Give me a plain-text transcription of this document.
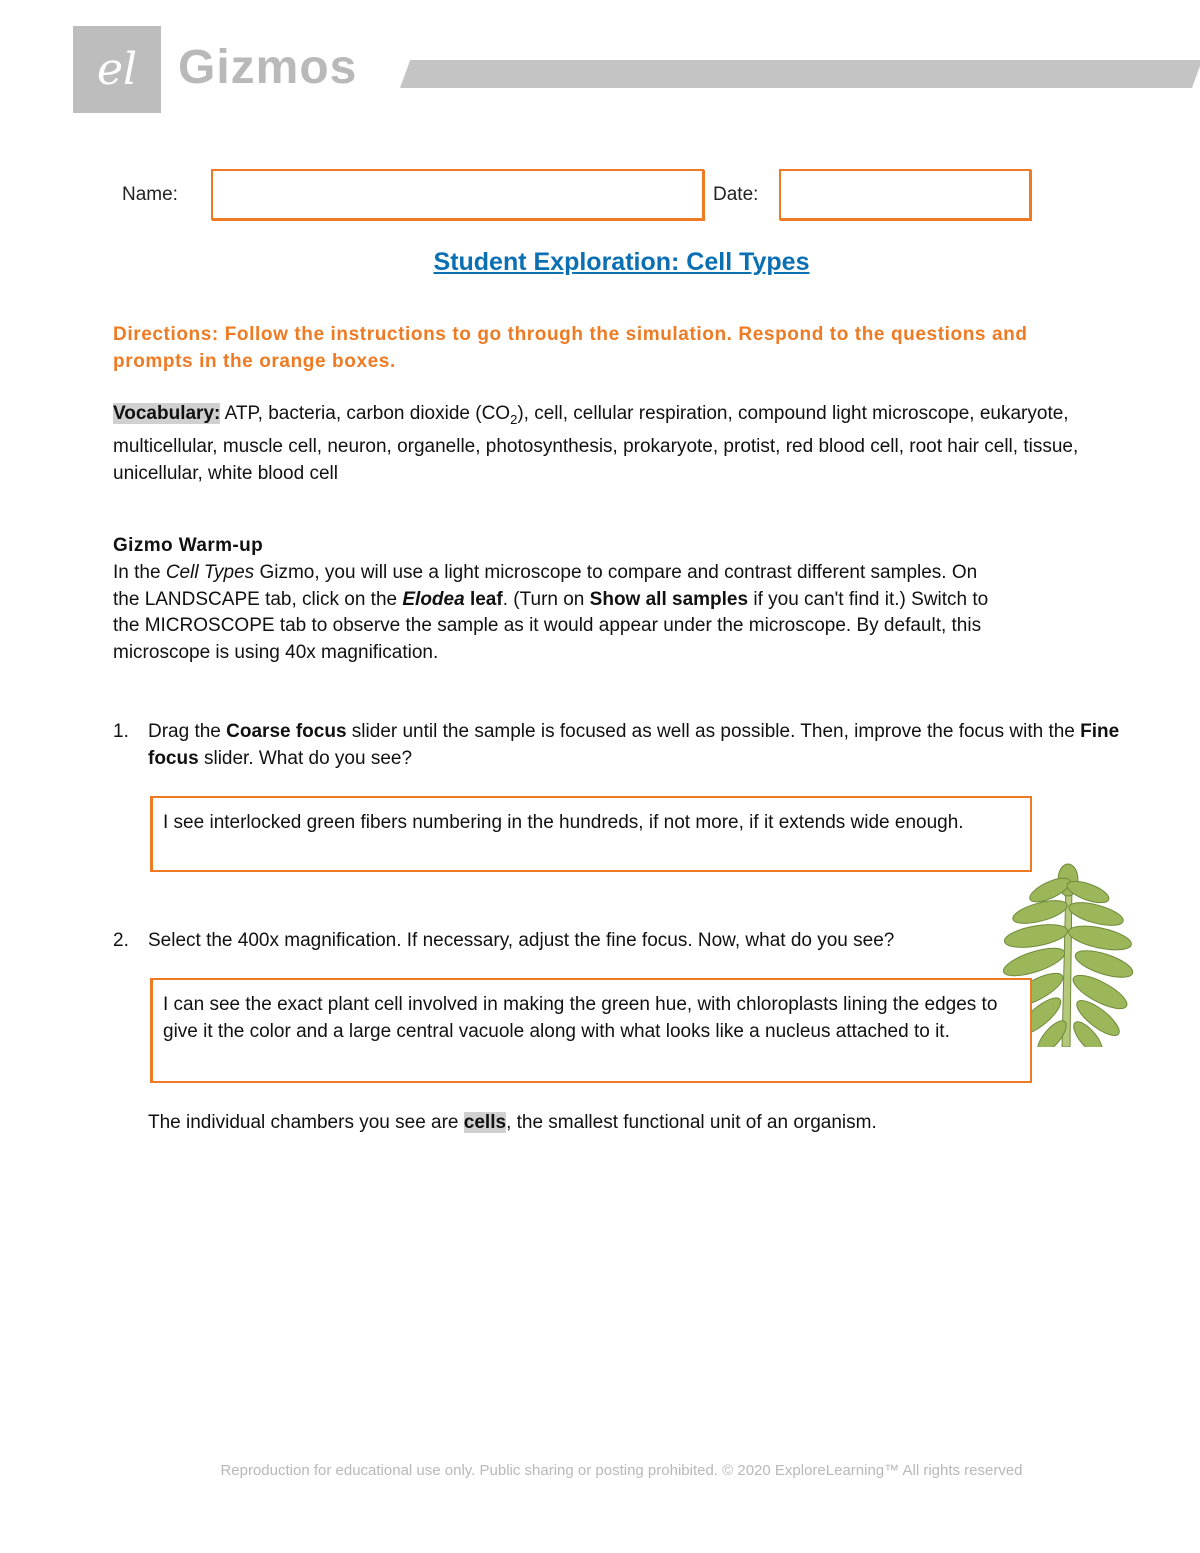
el Gizmos
Name:	Date:
Student Exploration: Cell Types
Directions: Follow the instructions to go through the simulation. Respond to the questions and prompts in the orange boxes.
Vocabulary: ATP, bacteria, carbon dioxide $(CO_2)$, cell, cellular respiration, compound light microscope, eukaryote, multicellular, muscle cell, neuron, organelle, photosynthesis, prokaryote, protist, red blood cell, root hair cell, tissue, unicellular, white blood cell
Gizmo Warm-up
In the Cell Types Gizmo, you will use a light microscope to compare and contrast different samples. On the LANDSCAPE tab, click on the Elodea leaf. (Turn on Show all samples if you can't find it.) Switch to the MICROSCOPE tab to observe the sample as it would appear under the microscope. By default, this microscope is using 40x magnification.
1. Drag the Coarse focus slider until the sample is focused as well as possible. Then, improve the focus with the Fine focus slider. What do you see?
I see interlocked green fibers numbering in the hundreds, if not more, if it extends wide enough.
2. Select the 400x magnification. If necessary, adjust the fine focus. Now, what do you see?
I can see the exact plant cell involved in making the green hue, with chloroplasts lining the edges to give it the color and a large central vacuole along with what looks like a nucleus attached to it.
The individual chambers you see are cells, the smallest functional unit of an organism.
Reproduction for educational use only. Public sharing or posting prohibited. © 2020 ExploreLearning™ All rights reserved
